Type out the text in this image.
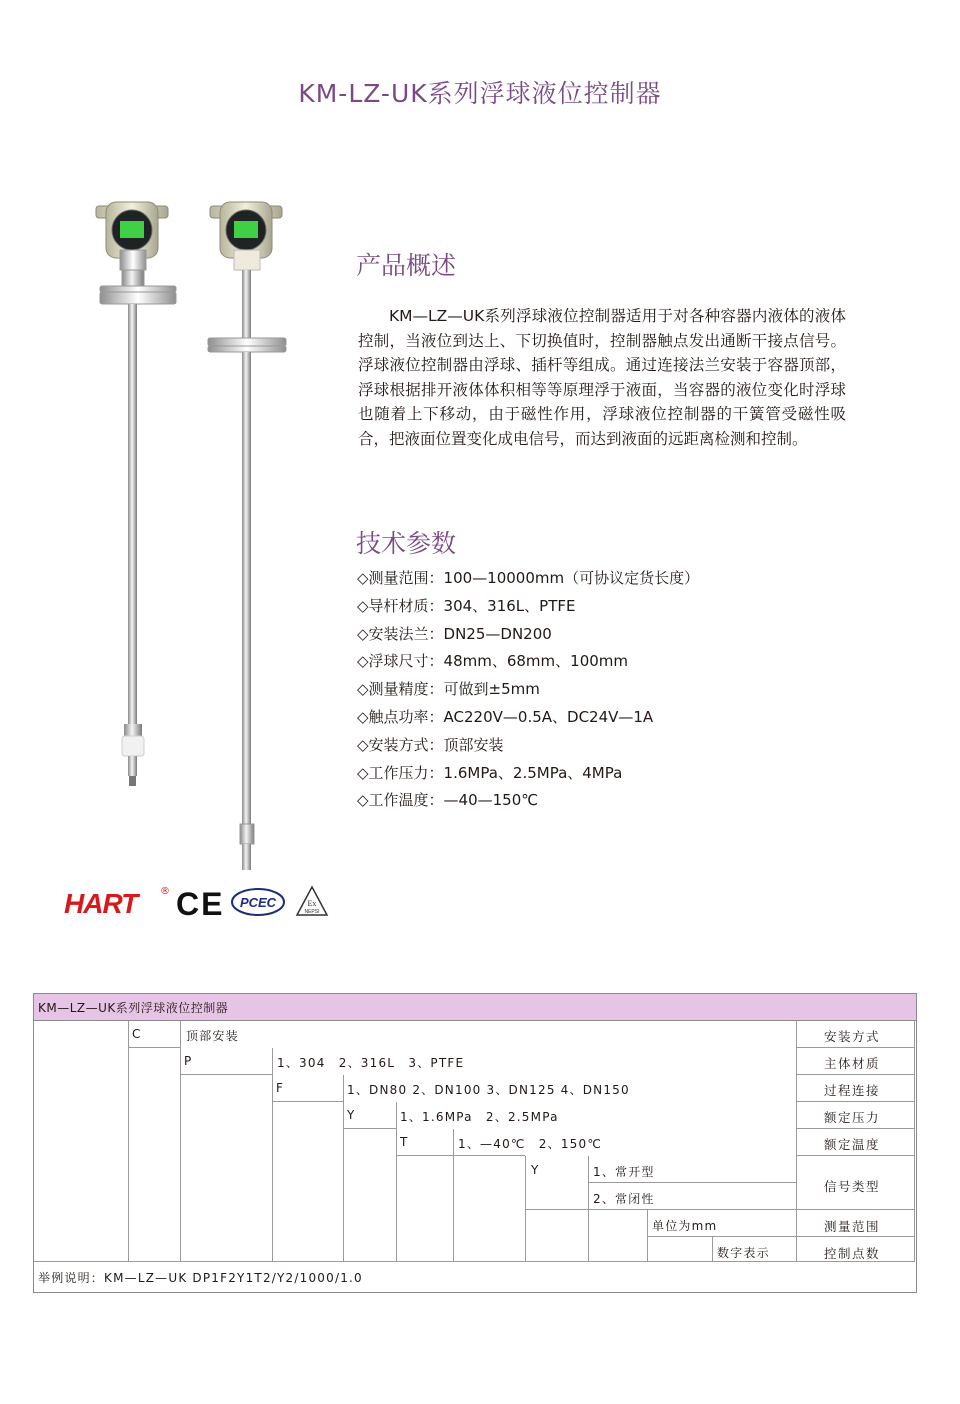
KM-LZ-UK系列浮球液位控制器
HART ® CE PCEC	Ex
NEPSI
产品概述
KM—LZ—UK系列浮球液位控制器适用于对各种容器内液体的液体控制，当液位到达上、下切换值时，控制器触点发出通断干接点信号。浮球液位控制器由浮球、插杆等组成。通过连接法兰安装于容器顶部，浮球根据排开液体体积相等等原理浮于液面，当容器的液位变化时浮球也随着上下移动，由于磁性作用，浮球液位控制器的干簧管受磁性吸合，把液面位置变化成电信号，而达到液面的远距离检测和控制。
技术参数
◇测量范围：100—10000mm（可协议定货长度）
◇导杆材质：304、316L、PTFE
◇安装法兰：DN25—DN200
◇浮球尺寸：48mm、68mm、100mm
◇测量精度：可做到±5mm
◇触点功率：AC220V—0.5A、DC24V—1A
◇安装方式：顶部安装
◇工作压力：1.6MPa、2.5MPa、4MPa
◇工作温度：—40—150℃
KM—LZ—UK系列浮球液位控制器
C
P
F
Y
T
Y
顶部安装
1、304　2、316L　3、PTFE
1、DN80 2、DN100 3、DN125 4、DN150
1、1.6MPa　2、2.5MPa
1、—40℃　2、150℃
1、常开型
2、常闭性
单位为mm
数字表示
安装方式
主体材质
过程连接
额定压力
额定温度
信号类型
测量范围
控制点数
举例说明：KM—LZ—UK DP1F2Y1T2/Y2/1000/1.0
